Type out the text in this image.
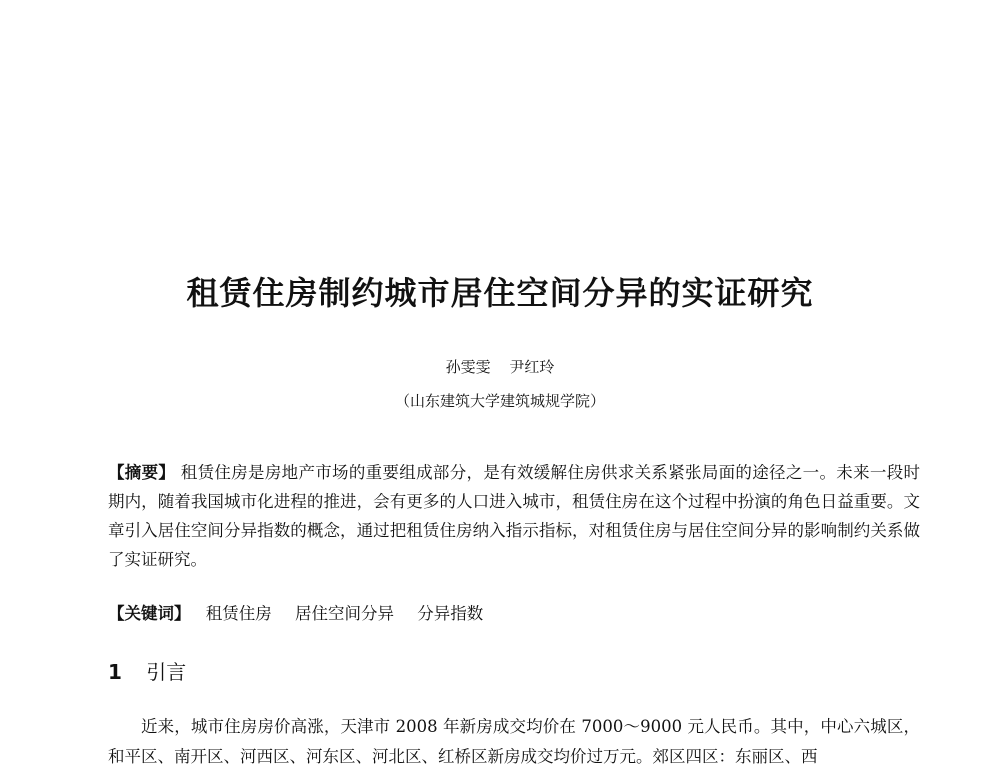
租赁住房制约城市居住空间分异的实证研究
孙雯雯 尹红玲
（山东建筑大学建筑城规学院）
【摘要】 租赁住房是房地产市场的重要组成部分，是有效缓解住房供求关系紧张局面的途径之一。未来一段时期内，随着我国城市化进程的推进，会有更多的人口进入城市，租赁住房在这个过程中扮演的角色日益重要。文章引入居住空间分异指数的概念，通过把租赁住房纳入指示指标，对租赁住房与居住空间分异的影响制约关系做了实证研究。
【关键词】 租赁住房 居住空间分异 分异指数
1 引言
近来，城市住房房价高涨，天津市 2008 年新房成交均价在 7000～9000 元人民币。其中，中心六城区，和平区、南开区、河西区、河东区、河北区、红桥区新房成交均价过万元。郊区四区：东丽区、西
